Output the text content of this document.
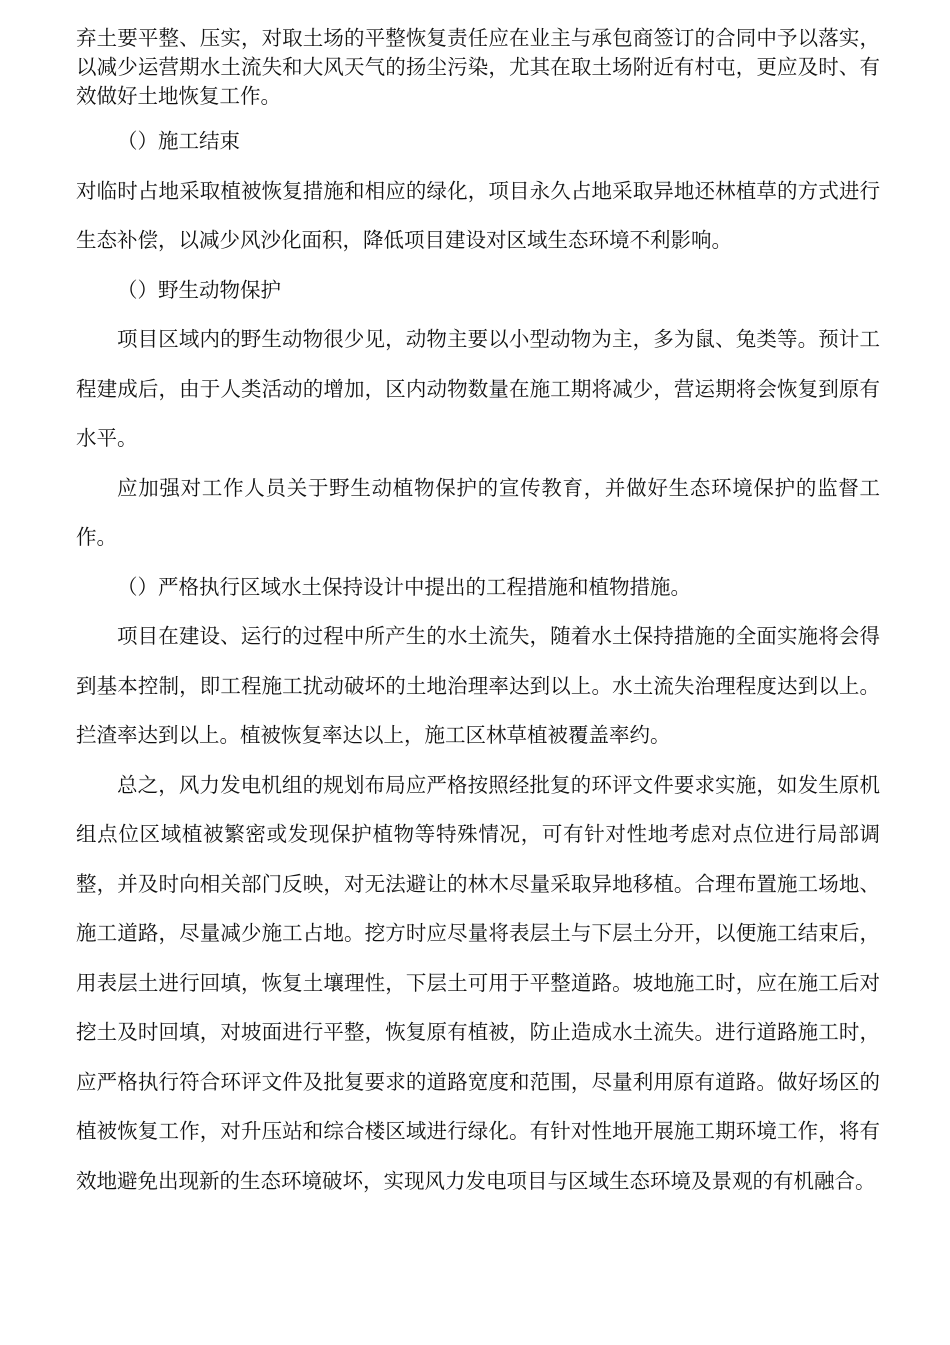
弃土要平整、压实，对取土场的平整恢复责任应在业主与承包商签订的合同中予以落实，以减少运营期水土流失和大风天气的扬尘污染，尤其在取土场附近有村屯，更应及时、有效做好土地恢复工作。

（）施工结束

对临时占地采取植被恢复措施和相应的绿化，项目永久占地采取异地还林植草的方式进行生态补偿，以减少风沙化面积，降低项目建设对区域生态环境不利影响。

（）野生动物保护

项目区域内的野生动物很少见，动物主要以小型动物为主，多为鼠、兔类等。预计工程建成后，由于人类活动的增加，区内动物数量在施工期将减少，营运期将会恢复到原有水平。

应加强对工作人员关于野生动植物保护的宣传教育，并做好生态环境保护的监督工作。

（）严格执行区域水土保持设计中提出的工程措施和植物措施。

项目在建设、运行的过程中所产生的水土流失，随着水土保持措施的全面实施将会得到基本控制，即工程施工扰动破坏的土地治理率达到以上。水土流失治理程度达到以上。拦渣率达到以上。植被恢复率达以上，施工区林草植被覆盖率约。

总之，风力发电机组的规划布局应严格按照经批复的环评文件要求实施，如发生原机组点位区域植被繁密或发现保护植物等特殊情况，可有针对性地考虑对点位进行局部调整，并及时向相关部门反映，对无法避让的林木尽量采取异地移植。合理布置施工场地、施工道路，尽量减少施工占地。挖方时应尽量将表层土与下层土分开，以便施工结束后，用表层土进行回填，恢复土壤理性，下层土可用于平整道路。坡地施工时，应在施工后对挖土及时回填，对坡面进行平整，恢复原有植被，防止造成水土流失。进行道路施工时，应严格执行符合环评文件及批复要求的道路宽度和范围，尽量利用原有道路。做好场区的植被恢复工作，对升压站和综合楼区域进行绿化。有针对性地开展施工期环境工作，将有效地避免出现新的生态环境破坏，实现风力发电项目与区域生态环境及景观的有机融合。
